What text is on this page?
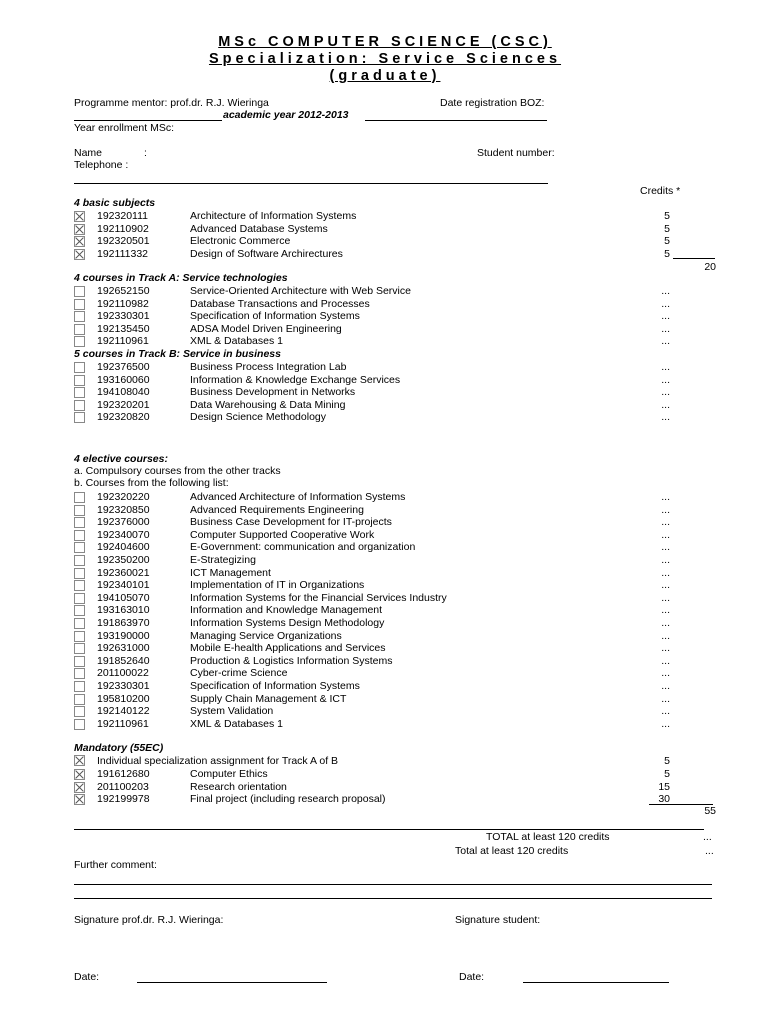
MSc COMPUTER SCIENCE (CSC)
Specialization: Service Sciences
(graduate)
Programme mentor: prof.dr. R.J. Wieringa	Date registration BOZ:
academic year 2012-2013
Year enrollment MSc:
Name	:	Student number:
Telephone :
Credits *
4 basic subjects
192320111	Architecture of Information Systems	5
192110902	Advanced Database Systems	5
192320501	Electronic Commerce	5
192111332	Design of Software Archirectures	5
20
4 courses in Track A: Service technologies
192652150	Service-Oriented Architecture with Web Service	...
192110982	Database Transactions and Processes	...
192330301	Specification of Information Systems	...
192135450	ADSA Model Driven Engineering	...
192110961	XML & Databases 1	...
5 courses in Track B: Service in business
192376500	Business Process Integration Lab	...
193160060	Information & Knowledge Exchange Services	...
194108040	Business Development in Networks	...
192320201	Data Warehousing & Data Mining	...
192320820	Design Science Methodology	...
4 elective courses:
a. Compulsory courses from the other tracks
b. Courses from the following list:
192320220	Advanced Architecture of Information Systems	...
192320850	Advanced Requirements Engineering	...
192376000	Business Case Development for IT-projects	...
192340070	Computer Supported Cooperative Work	...
192404600	E-Government: communication and organization	...
192350200	E-Strategizing	...
192360021	ICT Management	...
192340101	Implementation of IT in Organizations	...
194105070	Information Systems for the Financial Services Industry	...
193163010	Information and Knowledge Management	...
191863970	Information Systems Design Methodology	...
193190000	Managing Service Organizations	...
192631000	Mobile E-health Applications and Services	...
191852640	Production & Logistics Information Systems	...
201100022	Cyber-crime Science	...
192330301	Specification of Information Systems	...
195810200	Supply Chain Management & ICT	...
192140122	System Validation	...
192110961	XML & Databases 1	...
Mandatory (55EC)
Individual specialization assignment for Track A of B	5
191612680	Computer Ethics	5
201100203	Research orientation	15
192199978	Final project (including research proposal)	30
55
TOTAL at least 120 credits	...
Total at least 120 credits	...
Further comment:
Signature prof.dr. R.J. Wieringa:	Signature student:
Date:	Date:
